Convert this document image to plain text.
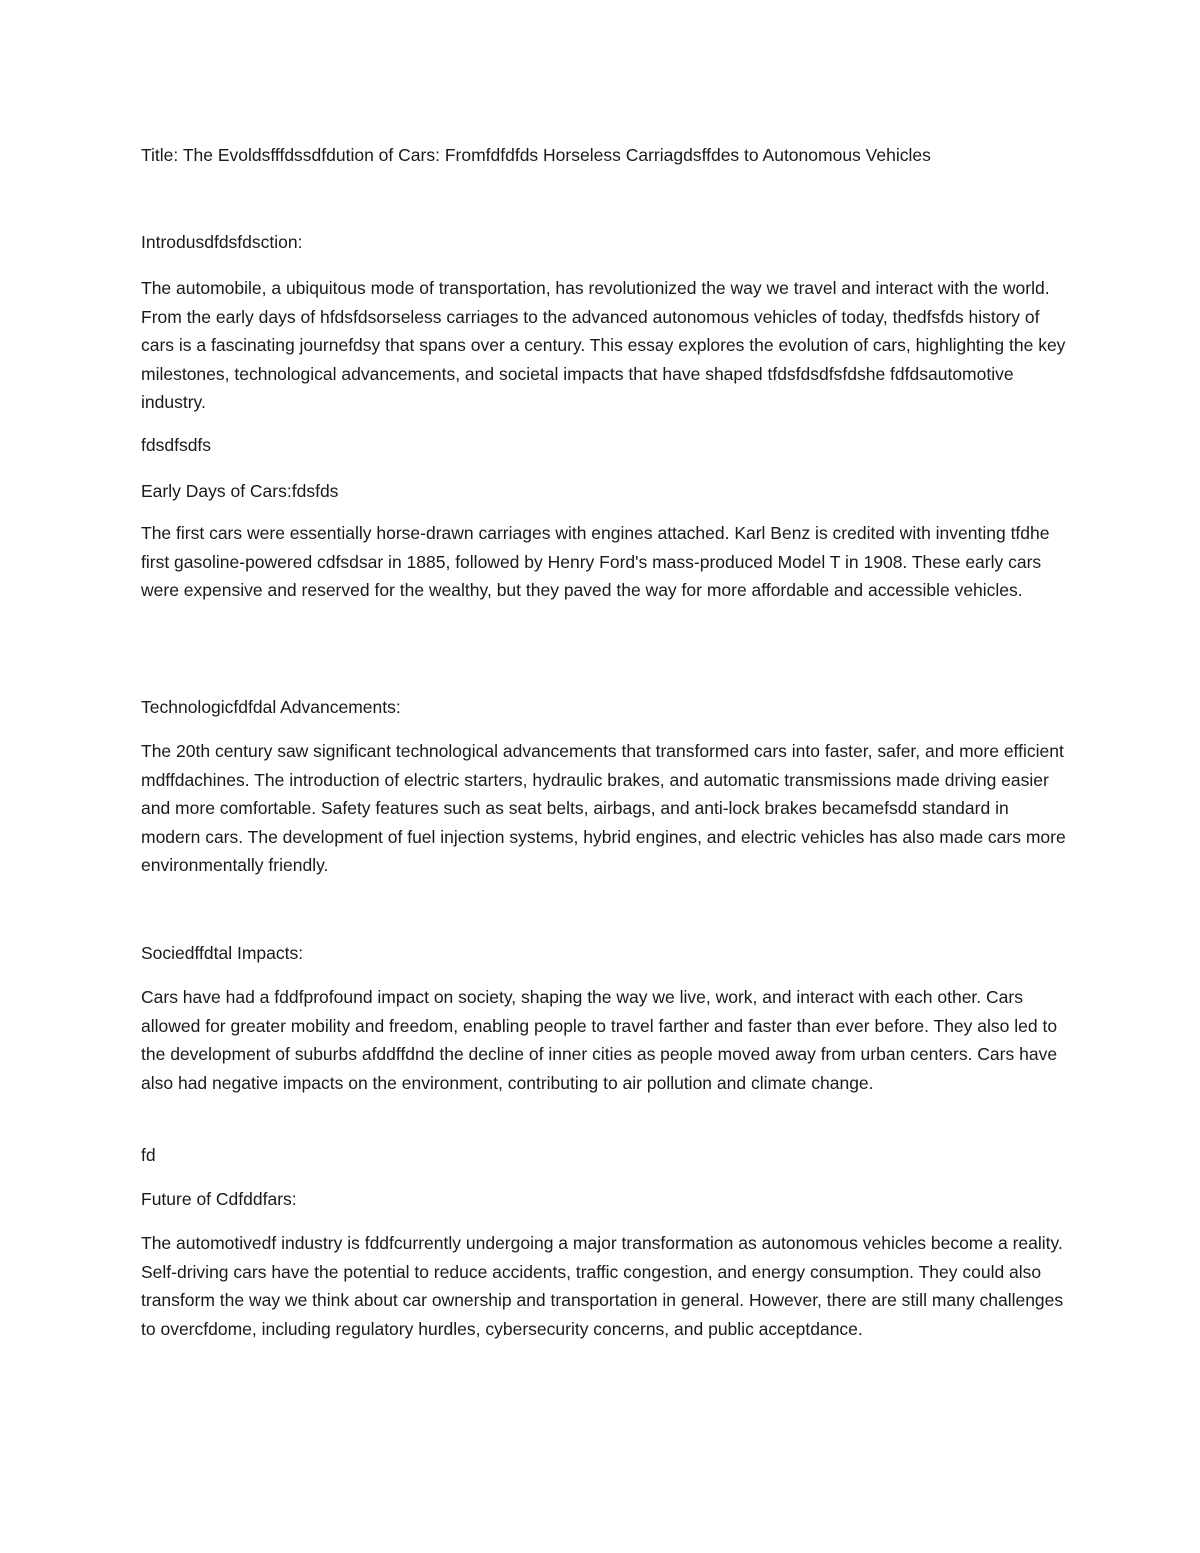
Title: The Evoldsfffdssdfdution of Cars: Fromfdfdfds Horseless Carriagdsffdes to Autonomous Vehicles

Introdusdfdsfdsction:

The automobile, a ubiquitous mode of transportation, has revolutionized the way we travel and interact with the world. From the early days of hfdsfdsorseless carriages to the advanced autonomous vehicles of today, thedfsfds history of cars is a fascinating journefdsy that spans over a century. This essay explores the evolution of cars, highlighting the key milestones, technological advancements, and societal impacts that have shaped tfdsfdsdfsfdshe fdfdsautomotive industry.

fdsdfsdfs

Early Days of Cars:fdsfds

The first cars were essentially horse-drawn carriages with engines attached. Karl Benz is credited with inventing tfdhe first gasoline-powered cdfsdsar in 1885, followed by Henry Ford's mass-produced Model T in 1908. These early cars were expensive and reserved for the wealthy, but they paved the way for more affordable and accessible vehicles.

Technologicfdfdal Advancements:

The 20th century saw significant technological advancements that transformed cars into faster, safer, and more efficient mdffdachines. The introduction of electric starters, hydraulic brakes, and automatic transmissions made driving easier and more comfortable. Safety features such as seat belts, airbags, and anti-lock brakes becamefsdd standard in modern cars. The development of fuel injection systems, hybrid engines, and electric vehicles has also made cars more environmentally friendly.

Sociedffdtal Impacts:

Cars have had a fddfprofound impact on society, shaping the way we live, work, and interact with each other. Cars allowed for greater mobility and freedom, enabling people to travel farther and faster than ever before. They also led to the development of suburbs afddffdnd the decline of inner cities as people moved away from urban centers. Cars have also had negative impacts on the environment, contributing to air pollution and climate change.

fd

Future of Cdfddfars:

The automotivedf industry is fddfcurrently undergoing a major transformation as autonomous vehicles become a reality. Self-driving cars have the potential to reduce accidents, traffic congestion, and energy consumption. They could also transform the way we think about car ownership and transportation in general. However, there are still many challenges to overcfdome, including regulatory hurdles, cybersecurity concerns, and public acceptdance.
